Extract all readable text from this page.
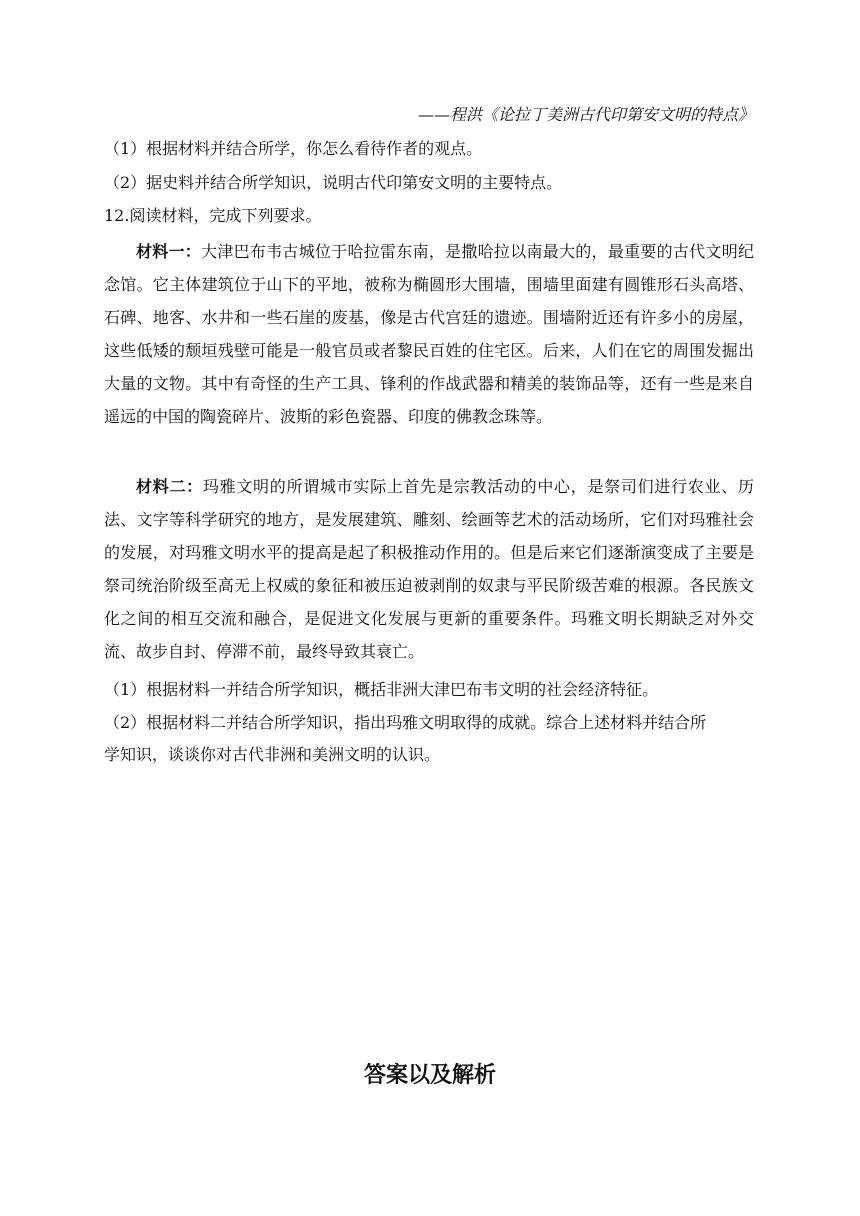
——程洪《论拉丁美洲古代印第安文明的特点》
（1）根据材料并结合所学，你怎么看待作者的观点。
（2）据史料并结合所学知识，说明古代印第安文明的主要特点。
12.阅读材料，完成下列要求。
材料一：大津巴布韦古城位于哈拉雷东南，是撒哈拉以南最大的，最重要的古代文明纪念馆。它主体建筑位于山下的平地，被称为椭圆形大围墙，围墙里面建有圆锥形石头高塔、石碑、地客、水井和一些石崖的废基，像是古代宫廷的遗迹。围墙附近还有许多小的房屋，这些低矮的颓垣残壁可能是一般官员或者黎民百姓的住宅区。后来，人们在它的周围发掘出大量的文物。其中有奇怪的生产工具、锋利的作战武器和精美的装饰品等，还有一些是来自遥远的中国的陶瓷碎片、波斯的彩色瓷器、印度的佛教念珠等。
材料二：玛雅文明的所谓城市实际上首先是宗教活动的中心，是祭司们进行农业、历法、文字等科学研究的地方，是发展建筑、雕刻、绘画等艺术的活动场所，它们对玛雅社会的发展，对玛雅文明水平的提高是起了积极推动作用的。但是后来它们逐渐演变成了主要是祭司统治阶级至高无上权威的象征和被压迫被剥削的奴隶与平民阶级苦难的根源。各民族文化之间的相互交流和融合，是促进文化发展与更新的重要条件。玛雅文明长期缺乏对外交流、故步自封、停滞不前，最终导致其衰亡。
（1）根据材料一并结合所学知识，概括非洲大津巴布韦文明的社会经济特征。
（2）根据材料二并结合所学知识，指出玛雅文明取得的成就。综合上述材料并结合所
学知识，谈谈你对古代非洲和美洲文明的认识。
答案以及解析
